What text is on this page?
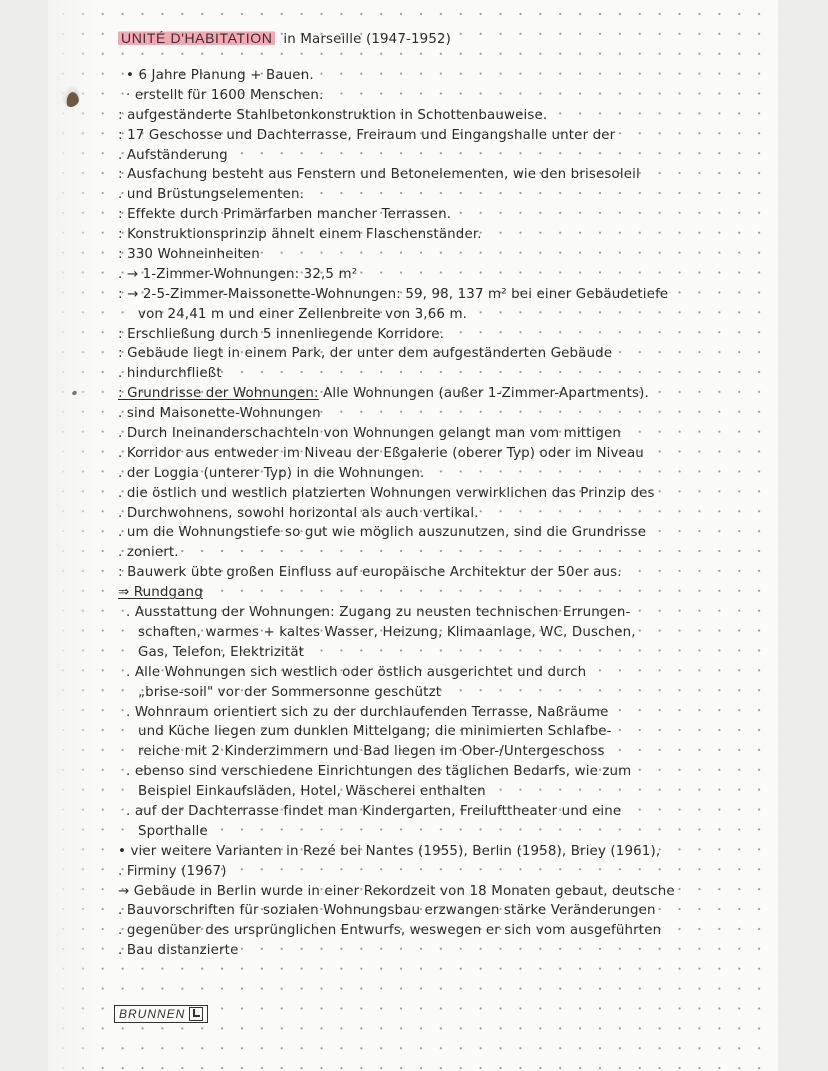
UNITÉ D'HABITATION in Marseille (1947-1952)
• 6 Jahre Planung + Bauen.
· erstellt für 1600 Menschen.
: aufgeständerte Stahlbetonkonstruktion in Schottenbauweise.
: 17 Geschosse und Dachterrasse, Freiraum und Eingangshalle unter der
. Aufständerung
: Ausfachung besteht aus Fenstern und Betonelementen, wie den brisesoleil
. und Brüstungselementen.
: Effekte durch Primärfarben mancher Terrassen.
: Konstruktionsprinzip ähnelt einem Flaschenständer.
: 330 Wohneinheiten
. → 1-Zimmer-Wohnungen: 32,5 m²
: → 2-5-Zimmer-Maissonette-Wohnungen: 59, 98, 137 m² bei einer Gebäudetiefe
von 24,41 m und einer Zellenbreite von 3,66 m.
: Erschließung durch 5 innenliegende Korridore.
: Gebäude liegt in einem Park, der unter dem aufgeständerten Gebäude
. hindurchfließt
: Grundrisse der Wohnungen: Alle Wohnungen (außer 1-Zimmer-Apartments).
. sind Maisonette-Wohnungen
. Durch Ineinanderschachteln von Wohnungen gelangt man vom mittigen
. Korridor aus entweder im Niveau der Eßgalerie (oberer Typ) oder im Niveau
. der Loggia (unterer Typ) in die Wohnungen.
. die östlich und westlich platzierten Wohnungen verwirklichen das Prinzip des
. Durchwohnens, sowohl horizontal als auch vertikal.
. um die Wohnungstiefe so gut wie möglich auszunutzen, sind die Grundrisse
. zoniert.
: Bauwerk übte großen Einfluss auf europäische Architektur der 50er aus.
⇒ Rundgang
. Ausstattung der Wohnungen: Zugang zu neusten technischen Errungen-
schaften, warmes + kaltes Wasser, Heizung, Klimaanlage, WC, Duschen,
Gas, Telefon, Elektrizität
. Alle Wohnungen sich westlich oder östlich ausgerichtet und durch
„brise-soil" vor der Sommersonne geschützt
. Wohnraum orientiert sich zu der durchlaufenden Terrasse, Naßräume
und Küche liegen zum dunklen Mittelgang; die minimierten Schlafbe-
reiche mit 2 Kinderzimmern und Bad liegen im Ober-/Untergeschoss
. ebenso sind verschiedene Einrichtungen des täglichen Bedarfs, wie zum
Beispiel Einkaufsläden, Hotel, Wäscherei enthalten
. auf der Dachterrasse findet man Kindergarten, Freilufttheater und eine
Sporthalle
• vier weitere Varianten in Rezé bei Nantes (1955), Berlin (1958), Briey (1961),
. Firminy (1967)
→ Gebäude in Berlin wurde in einer Rekordzeit von 18 Monaten gebaut, deutsche
. Bauvorschriften für sozialen Wohnungsbau erzwangen stärke Veränderungen
. gegenüber des ursprünglichen Entwurfs, weswegen er sich vom ausgeführten
. Bau distanzierte
BRUNNEN
